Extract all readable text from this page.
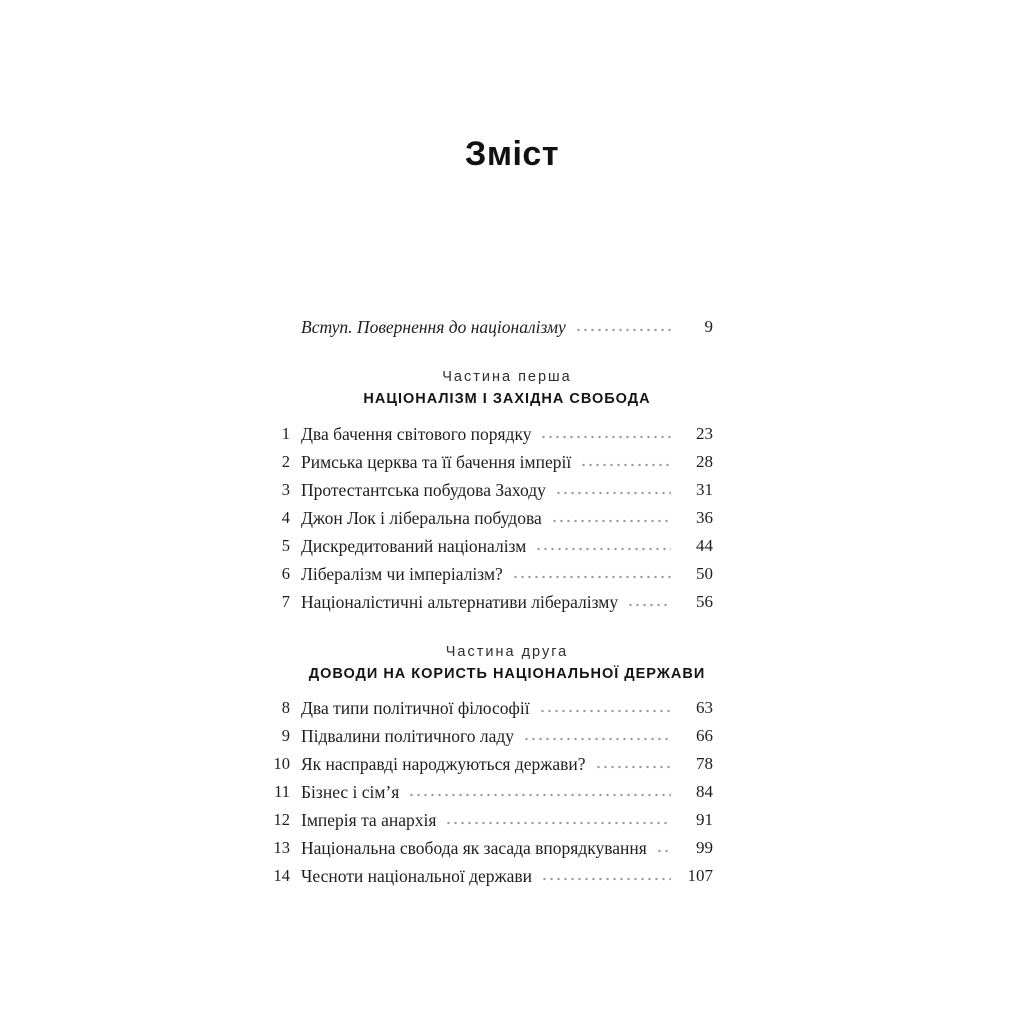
Зміст
Вступ. Повернення до націоналізму	9
Частина перша
НАЦІОНАЛІЗМ І ЗАХІДНА СВОБОДА
1 Два бачення світового порядку	23
2 Римська церква та її бачення імперії	28
3 Протестантська побудова Заходу	31
4 Джон Лок і ліберальна побудова	36
5 Дискредитований націоналізм	44
6 Лібералізм чи імперіалізм?	50
7 Націоналістичні альтернативи лібералізму	56
Частина друга
ДОВОДИ НА КОРИСТЬ НАЦІОНАЛЬНОЇ ДЕРЖАВИ
8 Два типи політичної філософії	63
9 Підвалини політичного ладу	66
10 Як насправді народжуються держави?	78
11 Бізнес і сім’я	84
12 Імперія та анархія	91
13 Національна свобода як засада впорядкування	99
14 Чесноти національної держави	107
